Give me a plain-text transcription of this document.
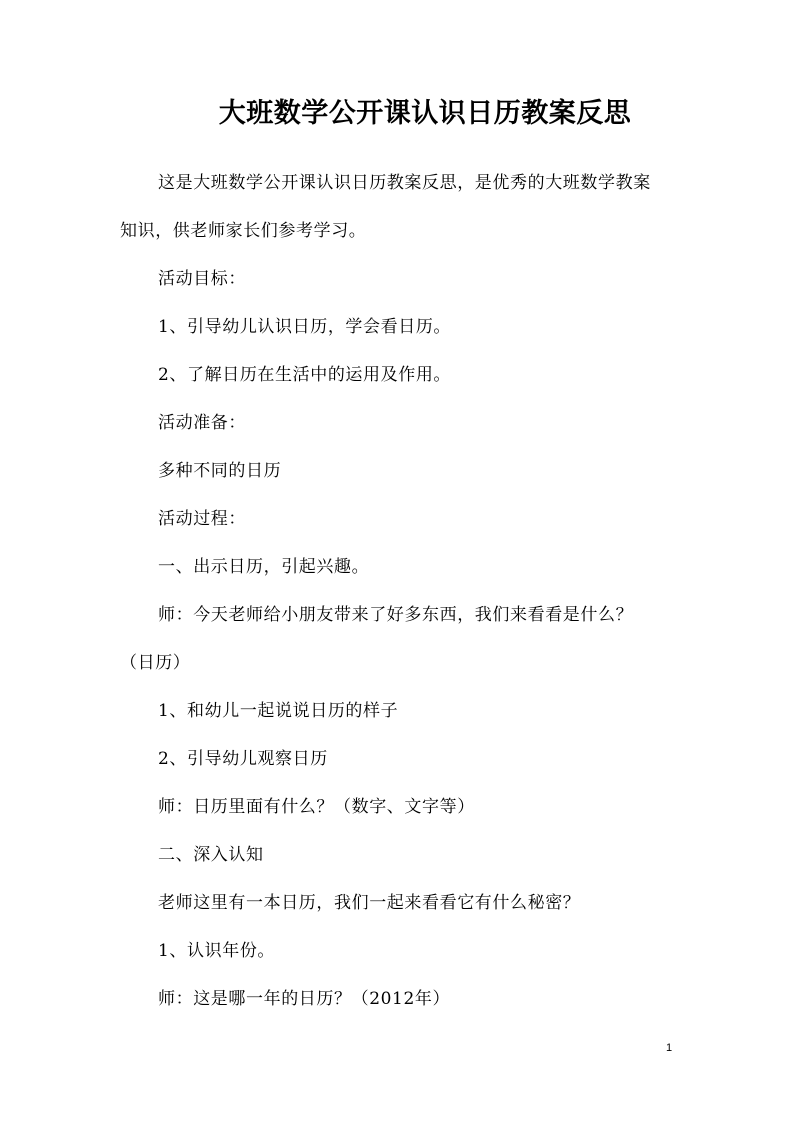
大班数学公开课认识日历教案反思
这是大班数学公开课认识日历教案反思，是优秀的大班数学教案
知识，供老师家长们参考学习。
活动目标：
1、引导幼儿认识日历，学会看日历。
2、了解日历在生活中的运用及作用。
活动准备：
多种不同的日历
活动过程：
一、出示日历，引起兴趣。
师：今天老师给小朋友带来了好多东西，我们来看看是什么？
（日历）
1、和幼儿一起说说日历的样子
2、引导幼儿观察日历
师：日历里面有什么？（数字、文字等）
二、深入认知
老师这里有一本日历，我们一起来看看它有什么秘密？
1、认识年份。
师：这是哪一年的日历？（2012年）
1
